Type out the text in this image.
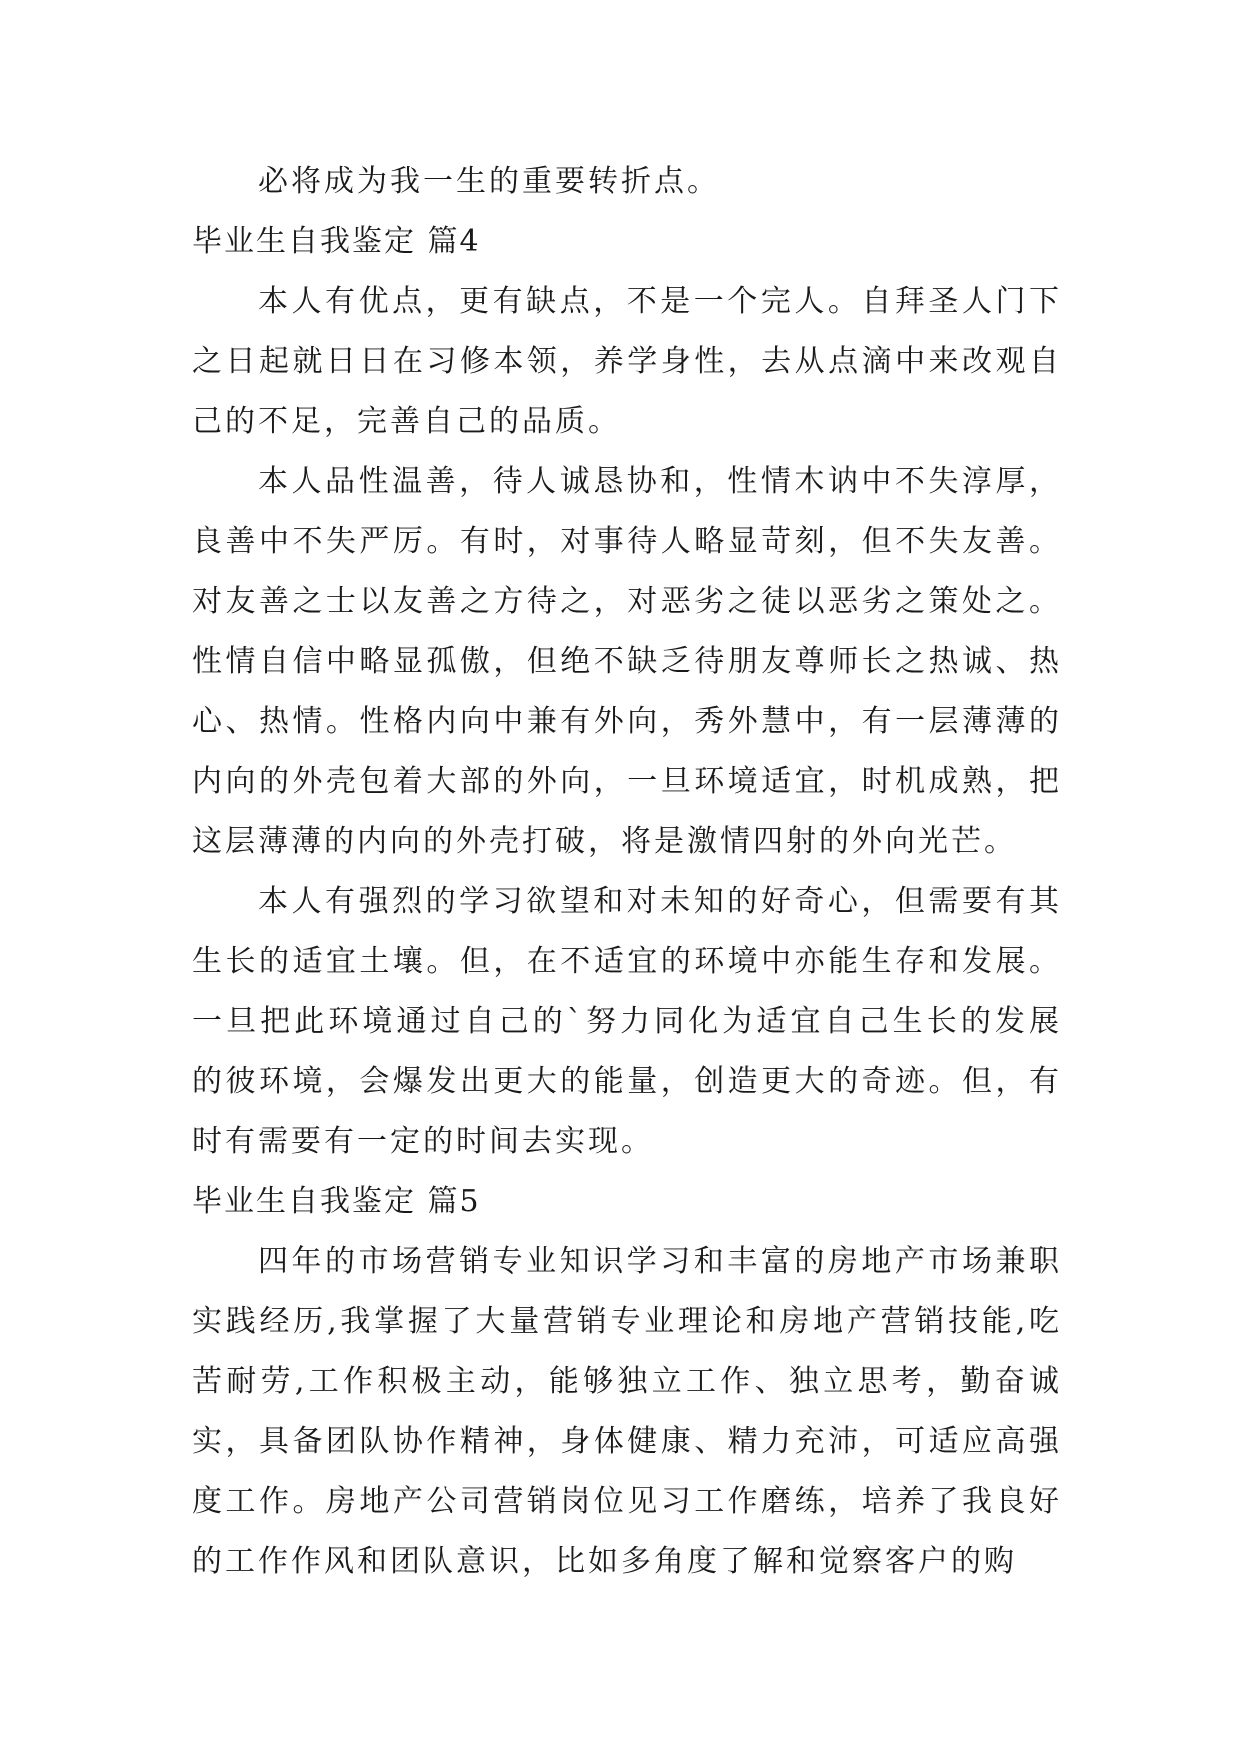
必将成为我一生的重要转折点。

毕业生自我鉴定 篇4

本人有优点，更有缺点，不是一个完人。自拜圣人门下之日起就日日在习修本领，养学身性，去从点滴中来改观自己的不足，完善自己的品质。

本人品性温善，待人诚恳协和，性情木讷中不失淳厚，良善中不失严厉。有时，对事待人略显苛刻，但不失友善。对友善之士以友善之方待之，对恶劣之徒以恶劣之策处之。性情自信中略显孤傲，但绝不缺乏待朋友尊师长之热诚、热心、热情。性格内向中兼有外向，秀外慧中，有一层薄薄的内向的外壳包着大部的外向，一旦环境适宜，时机成熟，把这层薄薄的内向的外壳打破，将是激情四射的外向光芒。

本人有强烈的学习欲望和对未知的好奇心，但需要有其生长的适宜土壤。但，在不适宜的环境中亦能生存和发展。一旦把此环境通过自己的`努力同化为适宜自己生长的发展的彼环境，会爆发出更大的能量，创造更大的奇迹。但，有时有需要有一定的时间去实现。

毕业生自我鉴定 篇5

四年的市场营销专业知识学习和丰富的房地产市场兼职实践经历,我掌握了大量营销专业理论和房地产营销技能,吃苦耐劳,工作积极主动，能够独立工作、独立思考，勤奋诚实，具备团队协作精神，身体健康、精力充沛，可适应高强度工作。房地产公司营销岗位见习工作磨练，培养了我良好的工作作风和团队意识，比如多角度了解和觉察客户的购
